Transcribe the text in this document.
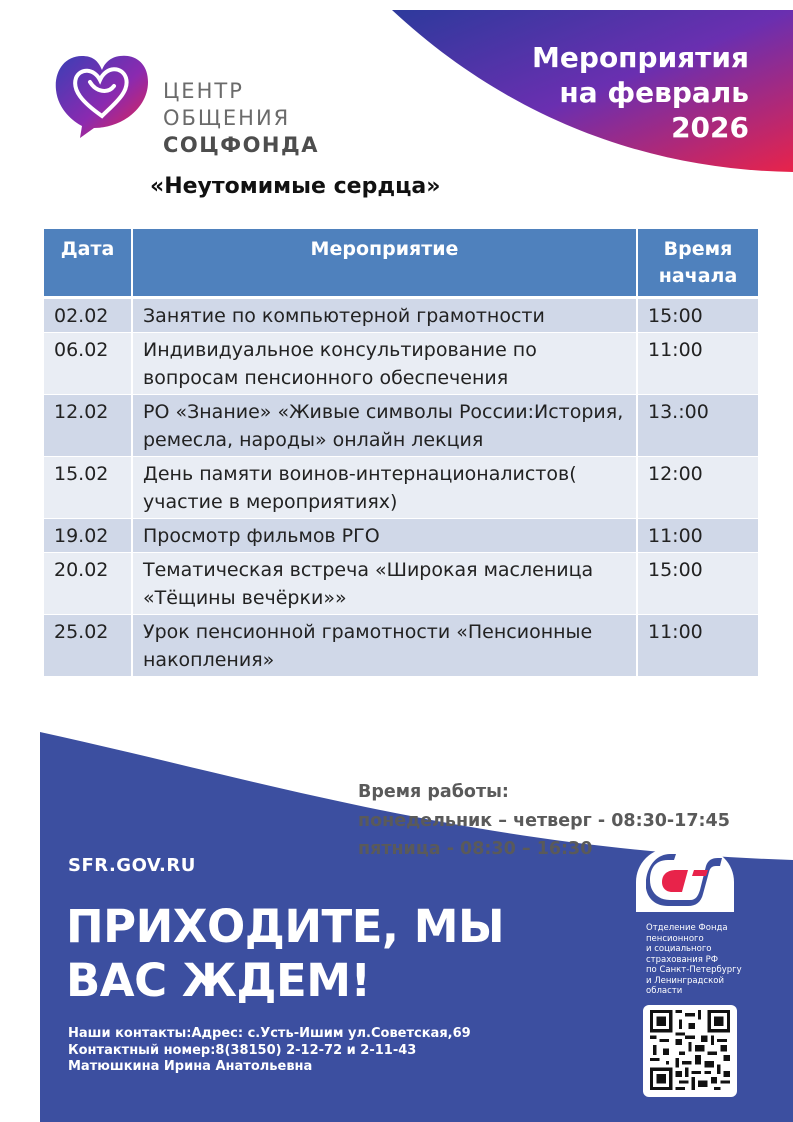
ЦЕНТР
ОБЩЕНИЯ
СОЦФОНДА
Мероприятия
на февраль
2026
«Неутомимые сердца»
Дата	Мероприятие	Время начала
02.02	Занятие по компьютерной грамотности	15:00
06.02	Индивидуальное консультирование по вопросам пенсионного обеспечения	11:00
12.02	РО «Знание» «Живые символы России:История, ремесла, народы» онлайн лекция	13.:00
15.02	День памяти воинов-интернационалистов( участие в мероприятиях)	12:00
19.02	Просмотр фильмов РГО	11:00
20.02	Тематическая встреча «Широкая масленица «Тёщины вечёрки»»	15:00
25.02	Урок пенсионной грамотности «Пенсионные накопления»	11:00
Время работы:
понедельник – четверг - 08:30-17:45
пятница - 08:30 – 16:30
SFR.GOV.RU
ПРИХОДИТЕ, МЫ
ВАС ЖДЕМ!
Наши контакты:Адрес: с.Усть-Ишим ул.Советская,69
Контактный номер:8(38150) 2-12-72 и 2-11-43
Матюшкина Ирина Анатольевна
Отделение Фонда
пенсионного
и социального
страхования РФ
по Санкт-Петербургу
и Ленинградской
области
